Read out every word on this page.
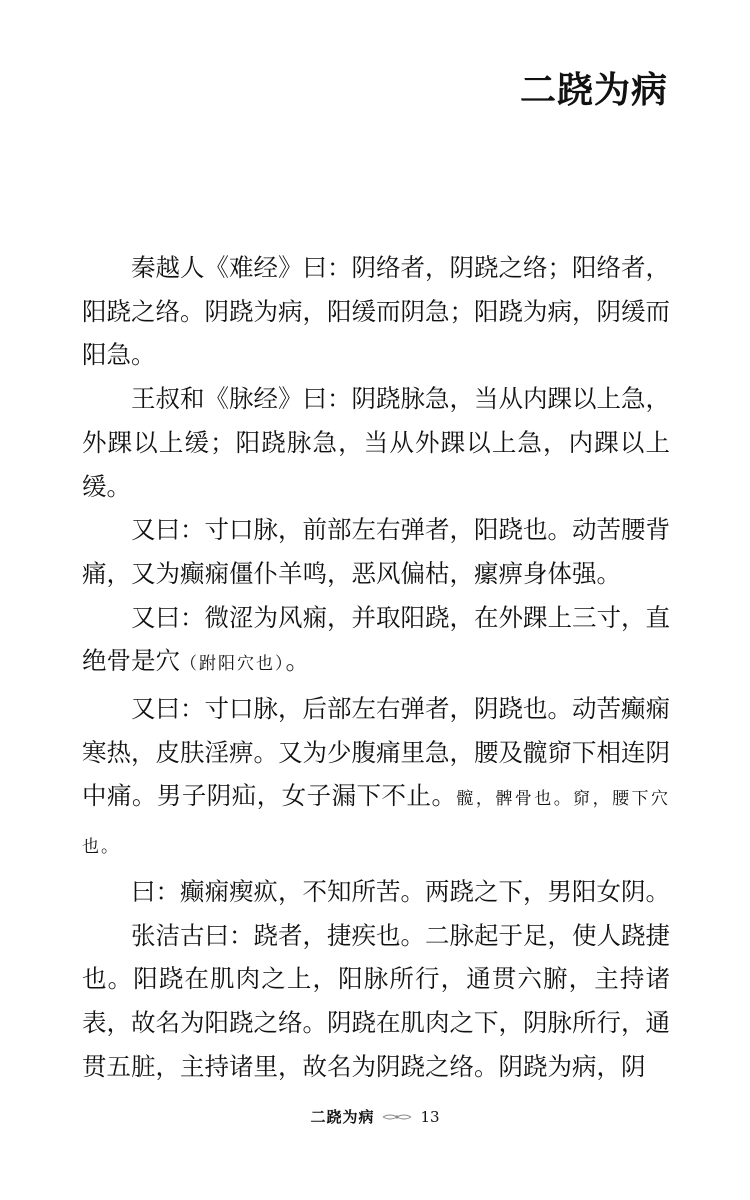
二跷为病

秦越人《难经》曰：阴络者，阴跷之络；阳络者，阳跷之络。阴跷为病，阳缓而阴急；阳跷为病，阴缓而阳急。

王叔和《脉经》曰：阴跷脉急，当从内踝以上急，外踝以上缓；阳跷脉急，当从外踝以上急，内踝以上缓。

又曰：寸口脉，前部左右弹者，阳跷也。动苦腰背痛，又为癫痫僵仆羊鸣，恶风偏枯，瘰痹身体强。

又曰：微涩为风痫，并取阳跷，在外踝上三寸，直绝骨是穴（跗阳穴也）。

又曰：寸口脉，后部左右弹者，阴跷也。动苦癫痫寒热，皮肤淫痹。又为少腹痛里急，腰及髋窌下相连阴中痛。男子阴疝，女子漏下不止。髋，髀骨也。窌，腰下穴也。

曰：癫痫瘈疭，不知所苦。两跷之下，男阳女阴。

张洁古曰：跷者，捷疾也。二脉起于足，使人跷捷也。阳跷在肌肉之上，阳脉所行，通贯六腑，主持诸表，故名为阳跷之络。阴跷在肌肉之下，阴脉所行，通贯五脏，主持诸里，故名为阴跷之络。阴跷为病，阴

二跷为病	13
